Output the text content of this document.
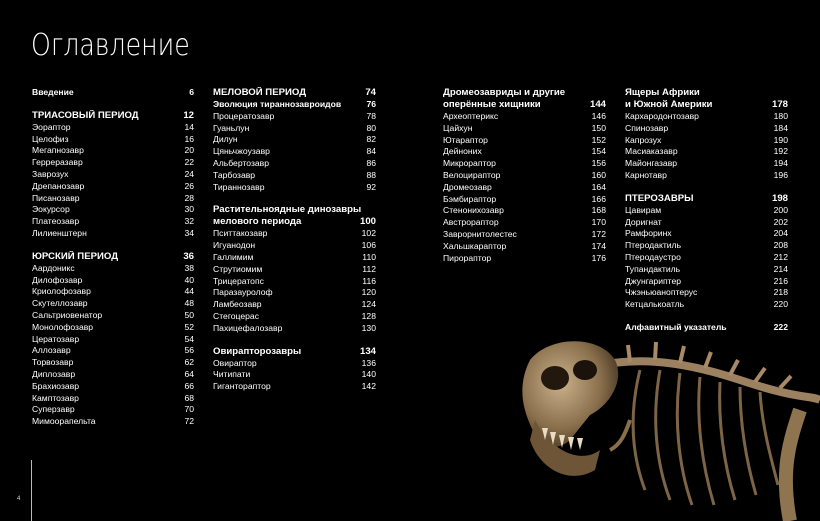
Оглавление
Введение	6
ТРИАСОВЫЙ ПЕРИОД	12
Эораптор	14
Целофиз	16
Мегапнозавр	20
Герреразавр	22
Заврозух	24
Дрепанозавр	26
Писанозавр	28
Эокурсор	30
Платеозавр	32
Лилиенштерн	34
ЮРСКИЙ ПЕРИОД	36
Аардоникс	38
Дилофозавр	40
Криолофозавр	44
Скутеллозавр	48
Сальтриовенатор	50
Монолофозавр	52
Цератозавр	54
Аллозавр	56
Торвозавр	62
Диплозавр	64
Брахиозавр	66
Камптозавр	68
Суперзавр	70
Мимоорапельта	72
МЕЛОВОЙ ПЕРИОД	74
Эволюция тираннозавроидов	76
Процератозавр	78
Гуаньлун	80
Дилун	82
Цяньчжоузавр	84
Альбертозавр	86
Тарбозавр	88
Тираннозавр	92
Растительноядные динозавры
мелового периода	100
Пситтакозавр	102
Игуанодон	106
Галлимим	110
Струтиомим	112
Трицератопс	116
Паразауролоф	120
Ламбеозавр	124
Стегоцерас	128
Пахицефалозавр	130
Овирапторозавры	134
Овираптор	136
Читипати	140
Гигантораптор	142
Дромеозавриды и другие
оперённые хищники	144
Археоптерикс	146
Цайхун	150
Ютараптор	152
Дейноних	154
Микрораптор	156
Велоцираптор	160
Дромеозавр	164
Бэмбираптор	166
Стенонихозавр	168
Австрораптор	170
Заврорнитолестес	172
Хальшкараптор	174
Пирораптор	176
Ящеры Африки
и Южной Америки	178
Кархародонтозавр	180
Спинозавр	184
Капрозух	190
Масиаказавр	192
Майонгазавр	194
Карнотавр	196
ПТЕРОЗАВРЫ	198
Цавирам	200
Доригнат	202
Рамфоринх	204
Птеродактиль	208
Птеродаустро	212
Тупандактиль	214
Джунгариптер	216
Чжэньюаноптерус	218
Кетцалькоатль	220
Алфавитный указатель	222
4
